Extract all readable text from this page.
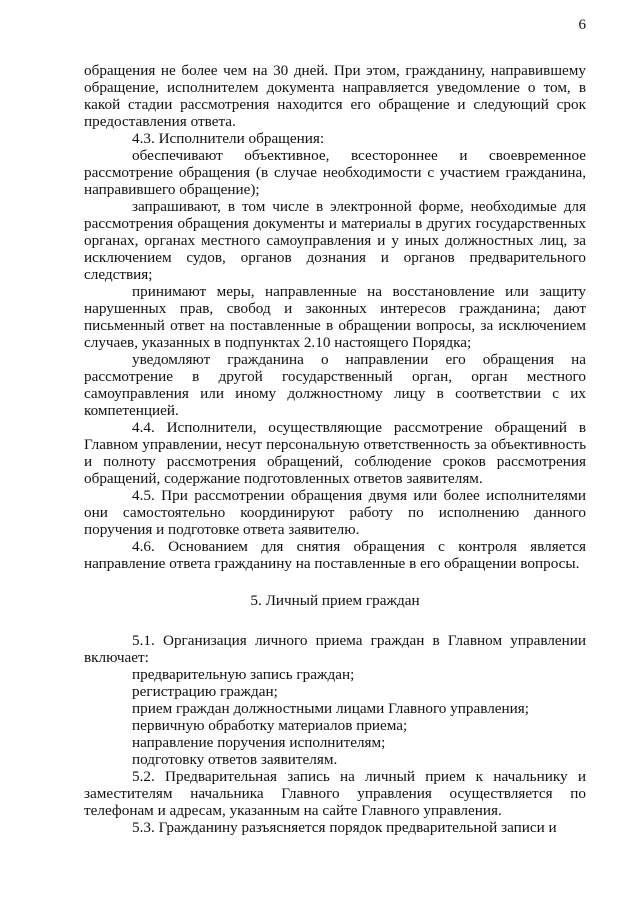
6

обращения не более чем на 30 дней. При этом, гражданину, направившему обращение, исполнителем документа направляется уведомление о том, в какой стадии рассмотрения находится его обращение и следующий срок предоставления ответа.

4.3. Исполнители обращения:

обеспечивают объективное, всестороннее и своевременное рассмотрение обращения (в случае необходимости с участием гражданина, направившего обращение);

запрашивают, в том числе в электронной форме, необходимые для рассмотрения обращения документы и материалы в других государственных органах, органах местного самоуправления и у иных должностных лиц, за исключением судов, органов дознания и органов предварительного следствия;

принимают меры, направленные на восстановление или защиту нарушенных прав, свобод и законных интересов гражданина; дают письменный ответ на поставленные в обращении вопросы, за исключением случаев, указанных в подпунктах 2.10 настоящего Порядка;

уведомляют гражданина о направлении его обращения на рассмотрение в другой государственный орган, орган местного самоуправления или иному должностному лицу в соответствии с их компетенцией.

4.4. Исполнители, осуществляющие рассмотрение обращений в Главном управлении, несут персональную ответственность за объективность и полноту рассмотрения обращений, соблюдение сроков рассмотрения обращений, содержание подготовленных ответов заявителям.

4.5. При рассмотрении обращения двумя или более исполнителями они самостоятельно координируют работу по исполнению данного поручения и подготовке ответа заявителю.

4.6. Основанием для снятия обращения с контроля является направление ответа гражданину на поставленные в его обращении вопросы.

5. Личный прием граждан

5.1. Организация личного приема граждан в Главном управлении включает:

предварительную запись граждан;

регистрацию граждан;

прием граждан должностными лицами Главного управления;

первичную обработку материалов приема;

направление поручения исполнителям;

подготовку ответов заявителям.

5.2. Предварительная запись на личный прием к начальнику и заместителям начальника Главного управления осуществляется по телефонам и адресам, указанным на сайте Главного управления.

5.3. Гражданину разъясняется порядок предварительной записи и
